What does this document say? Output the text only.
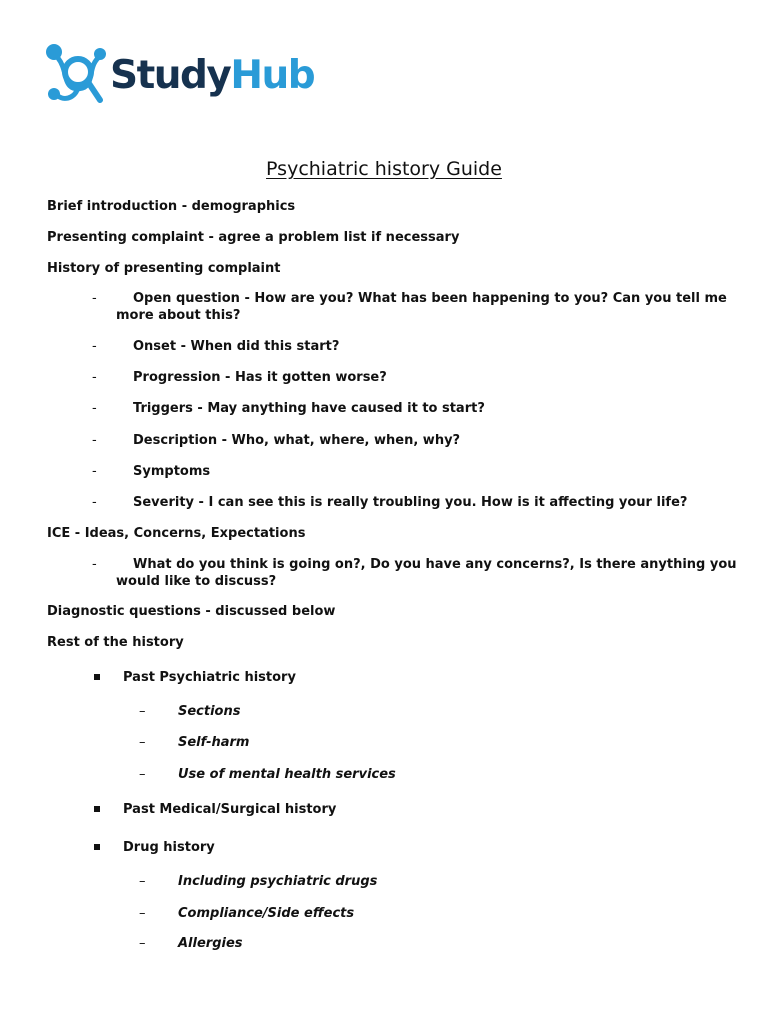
StudyHub
Psychiatric history Guide
Brief introduction - demographics
Presenting complaint - agree a problem list if necessary
History of presenting complaint
-	Open question - How are you? What has been happening to you? Can you tell me
more about this?
-	Onset - When did this start?
-	Progression - Has it gotten worse?
-	Triggers - May anything have caused it to start?
-	Description - Who, what, where, when, why?
-	Symptoms
-	Severity - I can see this is really troubling you. How is it affecting your life?
ICE - Ideas, Concerns, Expectations
-	What do you think is going on?, Do you have any concerns?, Is there anything you
would like to discuss?
Diagnostic questions - discussed below
Rest of the history
Past Psychiatric history
–	Sections
–	Self-harm
–	Use of mental health services
Past Medical/Surgical history
Drug history
–	Including psychiatric drugs
–	Compliance/Side effects
–	Allergies
